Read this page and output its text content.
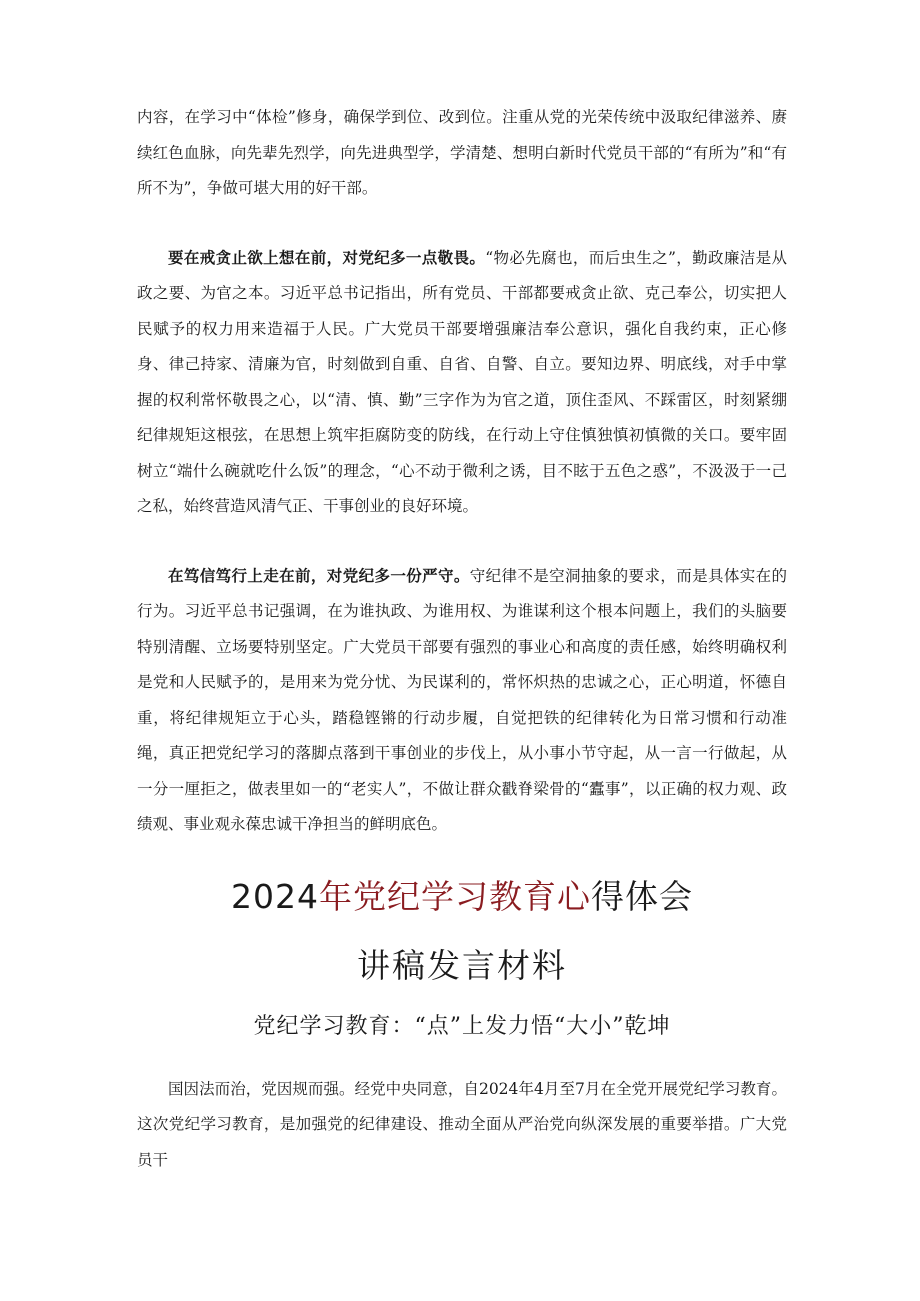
内容，在学习中“体检”修身，确保学到位、改到位。注重从党的光荣传统中汲取纪律滋养、赓续红色血脉，向先辈先烈学，向先进典型学，学清楚、想明白新时代党员干部的“有所为”和“有所不为”，争做可堪大用的好干部。

要在戒贪止欲上想在前，对党纪多一点敬畏。“物必先腐也，而后虫生之”，勤政廉洁是从政之要、为官之本。习近平总书记指出，所有党员、干部都要戒贪止欲、克己奉公，切实把人民赋予的权力用来造福于人民。广大党员干部要增强廉洁奉公意识，强化自我约束，正心修身、律己持家、清廉为官，时刻做到自重、自省、自警、自立。要知边界、明底线，对手中掌握的权利常怀敬畏之心，以“清、慎、勤”三字作为为官之道，顶住歪风、不踩雷区，时刻紧绷纪律规矩这根弦，在思想上筑牢拒腐防变的防线，在行动上守住慎独慎初慎微的关口。要牢固树立“端什么碗就吃什么饭”的理念，“心不动于微利之诱，目不眩于五色之惑”，不汲汲于一己之私，始终营造风清气正、干事创业的良好环境。

在笃信笃行上走在前，对党纪多一份严守。守纪律不是空洞抽象的要求，而是具体实在的行为。习近平总书记强调，在为谁执政、为谁用权、为谁谋利这个根本问题上，我们的头脑要特别清醒、立场要特别坚定。广大党员干部要有强烈的事业心和高度的责任感，始终明确权利是党和人民赋予的，是用来为党分忧、为民谋利的，常怀炽热的忠诚之心，正心明道，怀德自重，将纪律规矩立于心头，踏稳铿锵的行动步履，自觉把铁的纪律转化为日常习惯和行动准绳，真正把党纪学习的落脚点落到干事创业的步伐上，从小事小节守起，从一言一行做起，从一分一厘拒之，做表里如一的“老实人”，不做让群众戳脊梁骨的“蠹事”，以正确的权力观、政绩观、事业观永葆忠诚干净担当的鲜明底色。

2024年党纪学习教育心得体会
讲稿发言材料
党纪学习教育：“点”上发力悟“大小”乾坤

国因法而治，党因规而强。经党中央同意，自2024年4月至7月在全党开展党纪学习教育。这次党纪学习教育，是加强党的纪律建设、推动全面从严治党向纵深发展的重要举措。广大党员干
